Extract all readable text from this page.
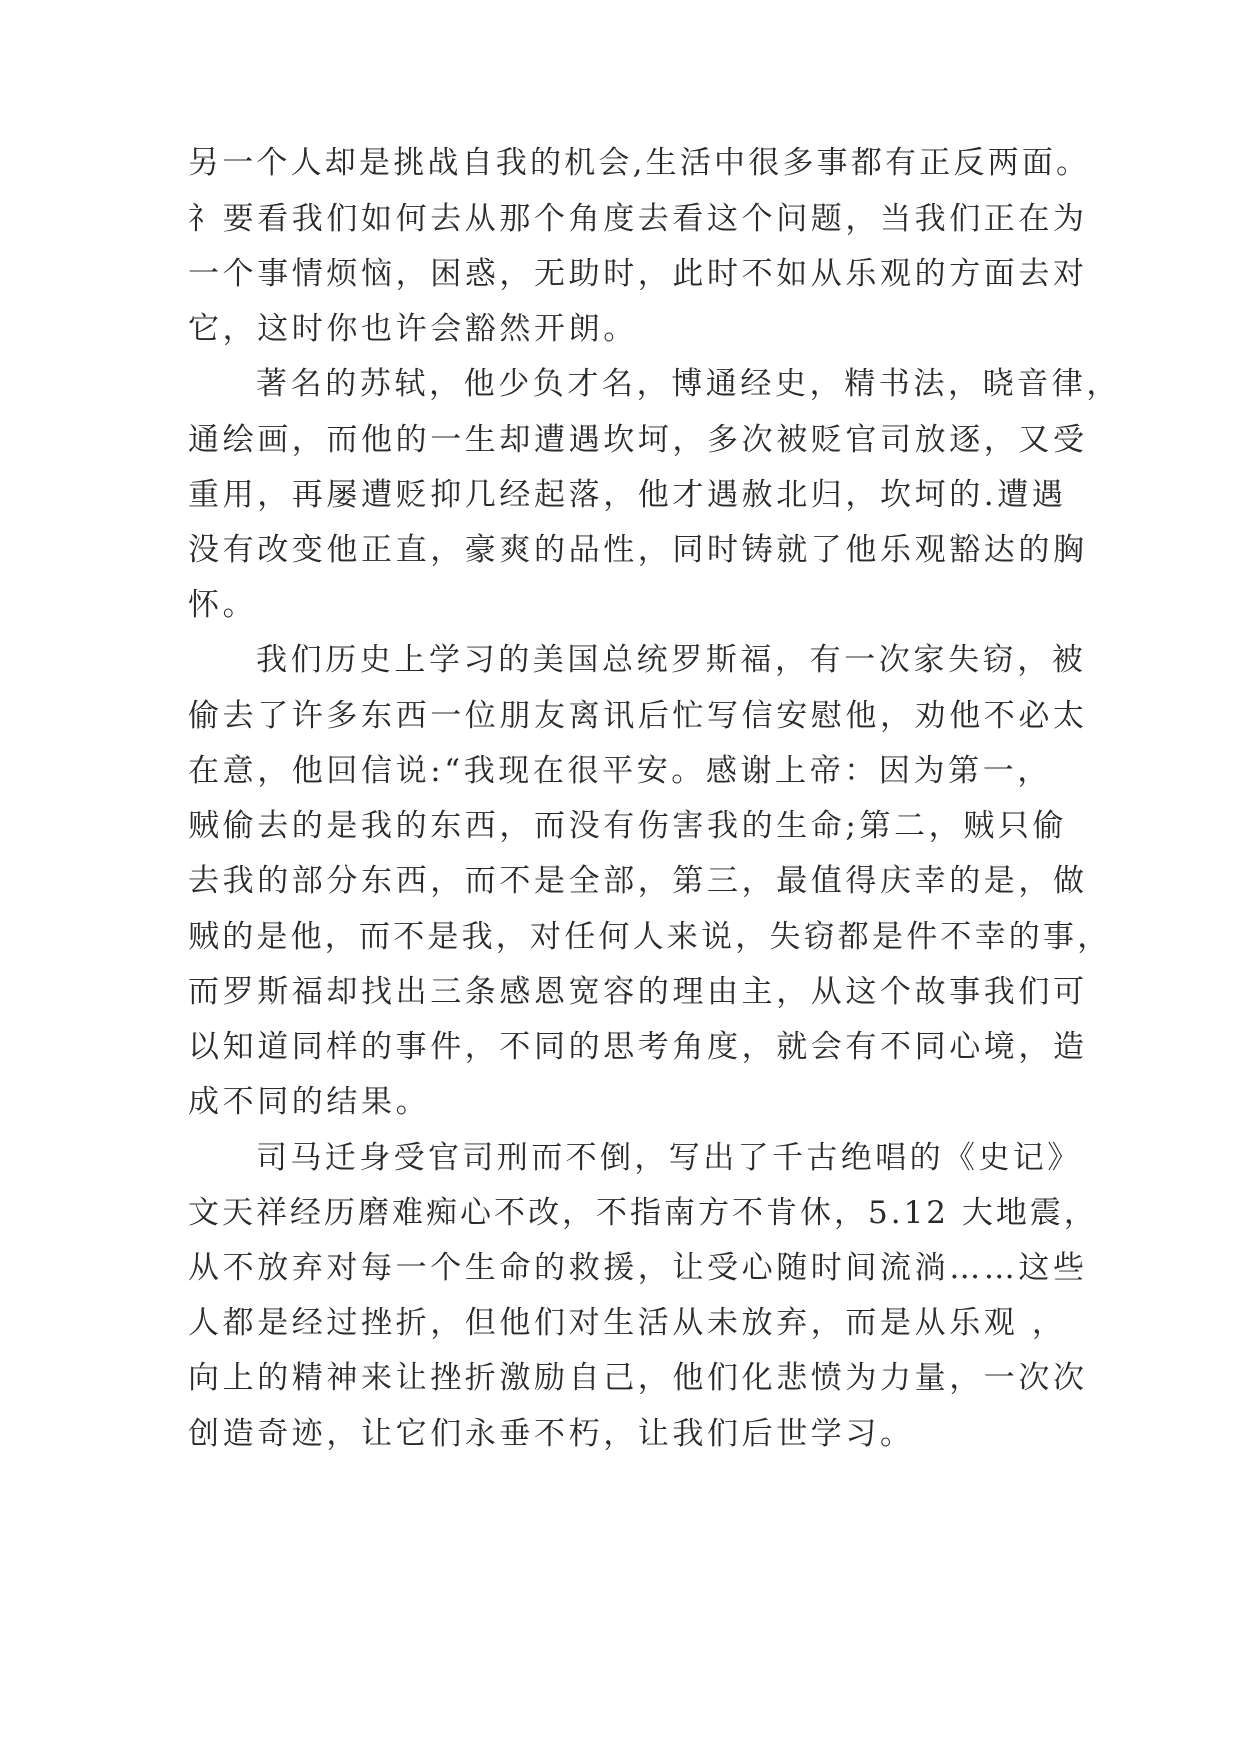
另一个人却是挑战自我的机会,生活中很多事都有正反两面。

礻要看我们如何去从那个角度去看这个问题，当我们正在为

一个事情烦恼，困惑，无助时，此时不如从乐观的方面去对

它，这时你也许会豁然开朗。

著名的苏轼，他少负才名，博通经史，精书法，晓音律，

通绘画，而他的一生却遭遇坎坷，多次被贬官司放逐，又受

重用，再屡遭贬抑几经起落，他才遇赦北归，坎坷的.遭遇

没有改变他正直，豪爽的品性，同时铸就了他乐观豁达的胸

怀。

我们历史上学习的美国总统罗斯福，有一次家失窃，被

偷去了许多东西一位朋友离讯后忙写信安慰他，劝他不必太

在意，他回信说:“我现在很平安。感谢上帝：因为第一，

贼偷去的是我的东西，而没有伤害我的生命;第二，贼只偷

去我的部分东西，而不是全部，第三，最值得庆幸的是，做

贼的是他，而不是我，对任何人来说，失窃都是件不幸的事，

而罗斯福却找出三条感恩宽容的理由主，从这个故事我们可

以知道同样的事件，不同的思考角度，就会有不同心境，造

成不同的结果。

司马迁身受官司刑而不倒，写出了千古绝唱的《史记》

文天祥经历磨难痴心不改，不指南方不肯休，5.12 大地震，

从不放弃对每一个生命的救援，让受心随时间流淌……这些

人都是经过挫折，但他们对生活从未放弃，而是从乐观 ，

向上的精神来让挫折激励自己，他们化悲愤为力量，一次次

创造奇迹，让它们永垂不朽，让我们后世学习。
